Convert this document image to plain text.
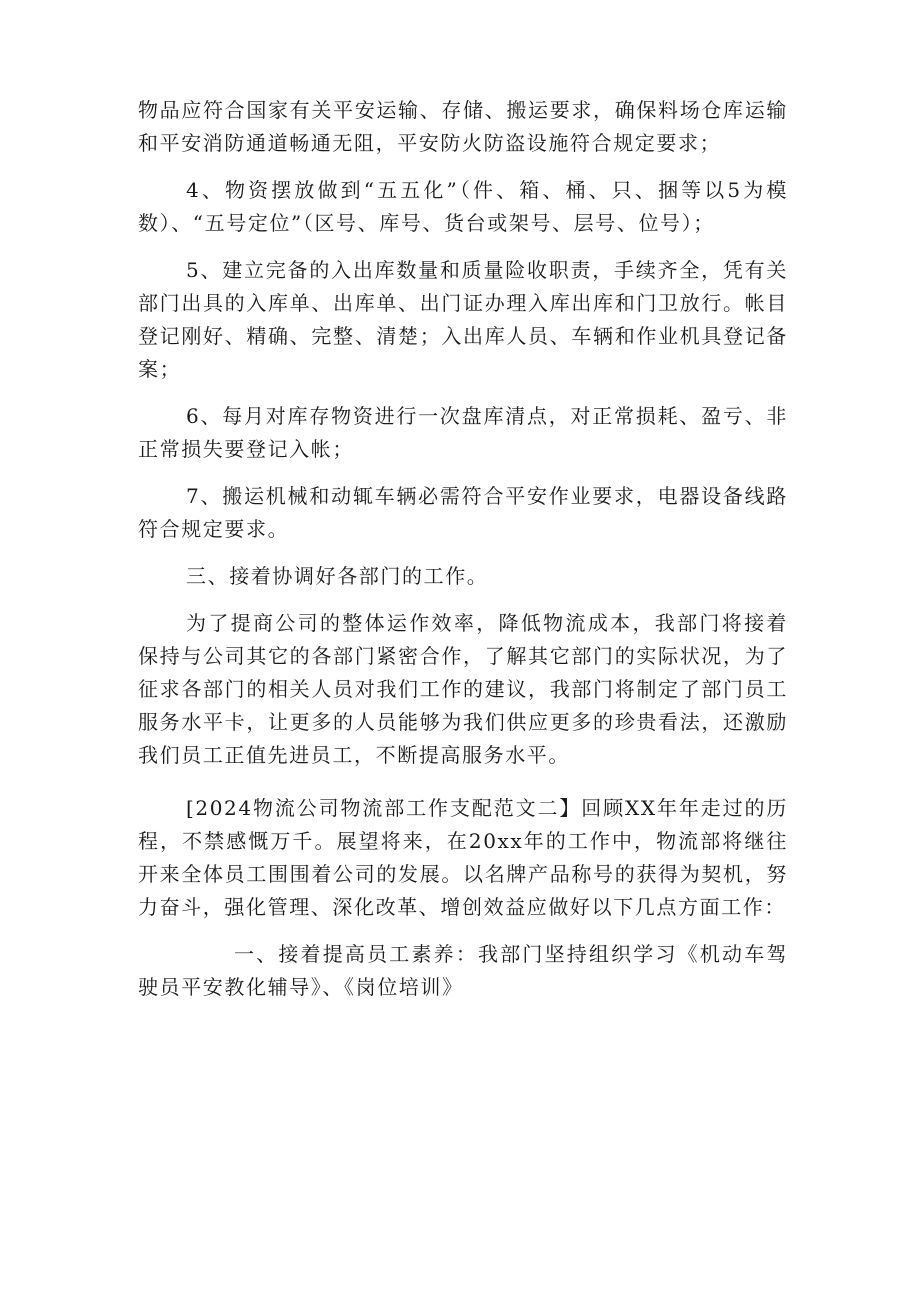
物品应符合国家有关平安运输、存储、搬运要求，确保料场仓库运输和平安消防通道畅通无阻，平安防火防盗设施符合规定要求；

4、物资摆放做到“五五化”（件、箱、桶、只、捆等以5为模数）、“五号定位”（区号、库号、货台或架号、层号、位号）；

5、建立完备的入出库数量和质量险收职责，手续齐全，凭有关部门出具的入库单、出库单、出门证办理入库出库和门卫放行。帐目登记刚好、精确、完整、清楚；入出库人员、车辆和作业机具登记备案；

6、每月对库存物资进行一次盘库清点，对正常损耗、盈亏、非正常损失要登记入帐；

7、搬运机械和动辄车辆必需符合平安作业要求，电器设备线路符合规定要求。

三、接着协调好各部门的工作。

为了提商公司的整体运作效率，降低物流成本，我部门将接着保持与公司其它的各部门紧密合作，了解其它部门的实际状况，为了征求各部门的相关人员对我们工作的建议，我部门将制定了部门员工服务水平卡，让更多的人员能够为我们供应更多的珍贵看法，还激励我们员工正值先进员工，不断提高服务水平。

[2024物流公司物流部工作支配范文二】回顾XX年年走过的历程，不禁感慨万千。展望将来，在20xx年的工作中，物流部将继往开来全体员工围围着公司的发展。以名牌产品称号的获得为契机，努力奋斗，强化管理、深化改革、增创效益应做好以下几点方面工作：

一、接着提高员工素养：我部门坚持组织学习《机动车驾驶员平安教化辅导》、《岗位培训》
